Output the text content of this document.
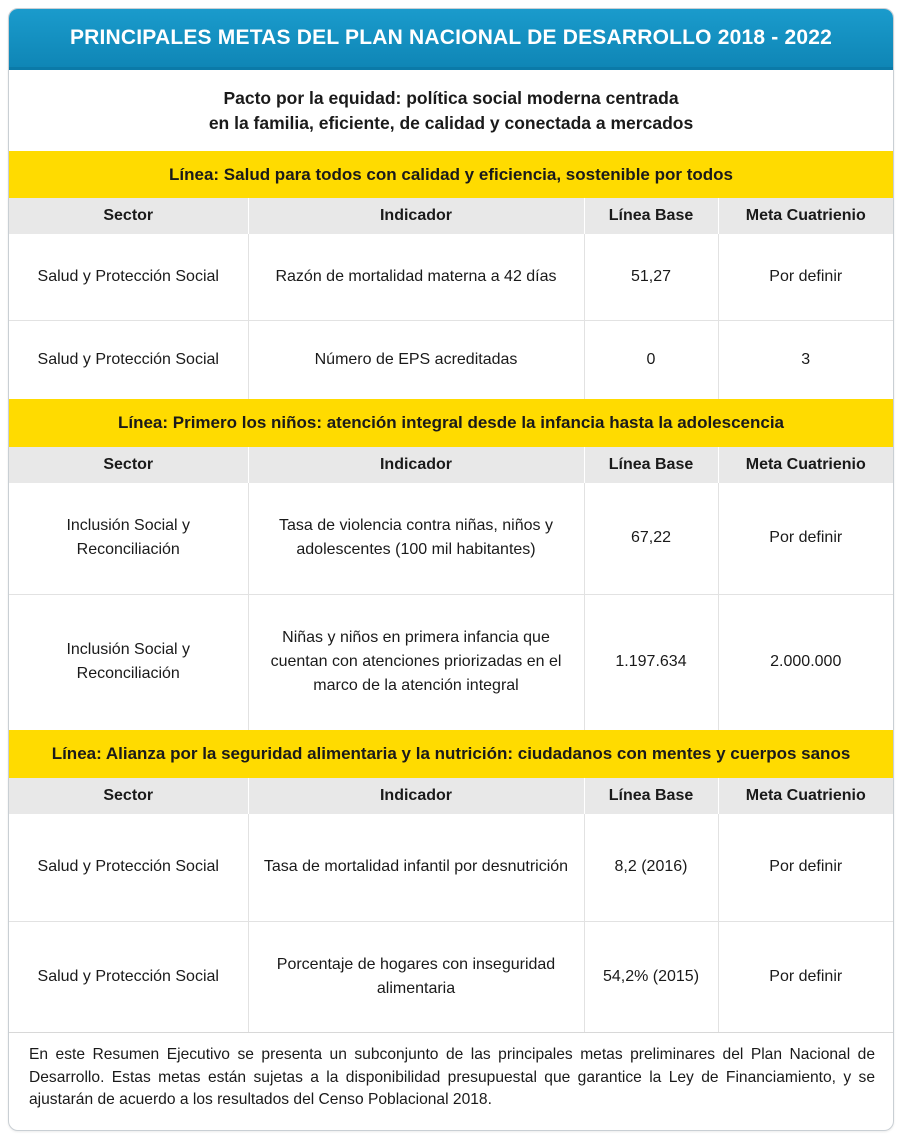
PRINCIPALES METAS DEL PLAN NACIONAL DE DESARROLLO 2018 - 2022
Pacto por la equidad: política social moderna centrada
en la familia, eficiente, de calidad y conectada a mercados
Línea: Salud para todos con calidad y eficiencia, sostenible por todos
Sector	Indicador	Línea Base	Meta Cuatrienio
Salud y Protección Social	Razón de mortalidad materna a 42 días	51,27	Por definir
Salud y Protección Social	Número de EPS acreditadas	0	3
Línea: Primero los niños: atención integral desde la infancia hasta la adolescencia
Sector	Indicador	Línea Base	Meta Cuatrienio
Inclusión Social y Reconciliación	Tasa de violencia contra niñas, niños y adolescentes (100 mil habitantes)	67,22	Por definir
Inclusión Social y Reconciliación	Niñas y niños en primera infancia que cuentan con atenciones priorizadas en el marco de la atención integral	1.197.634	2.000.000
Línea: Alianza por la seguridad alimentaria y la nutrición: ciudadanos con mentes y cuerpos sanos
Sector	Indicador	Línea Base	Meta Cuatrienio
Salud y Protección Social	Tasa de mortalidad infantil por desnutrición	8,2 (2016)	Por definir
Salud y Protección Social	Porcentaje de hogares con inseguridad alimentaria	54,2% (2015)	Por definir
En este Resumen Ejecutivo se presenta un subconjunto de las principales metas preliminares del Plan Nacional de Desarrollo. Estas metas están sujetas a la disponibilidad presupuestal que garantice la Ley de Financiamiento, y se ajustarán de acuerdo a los resultados del Censo Poblacional 2018.
